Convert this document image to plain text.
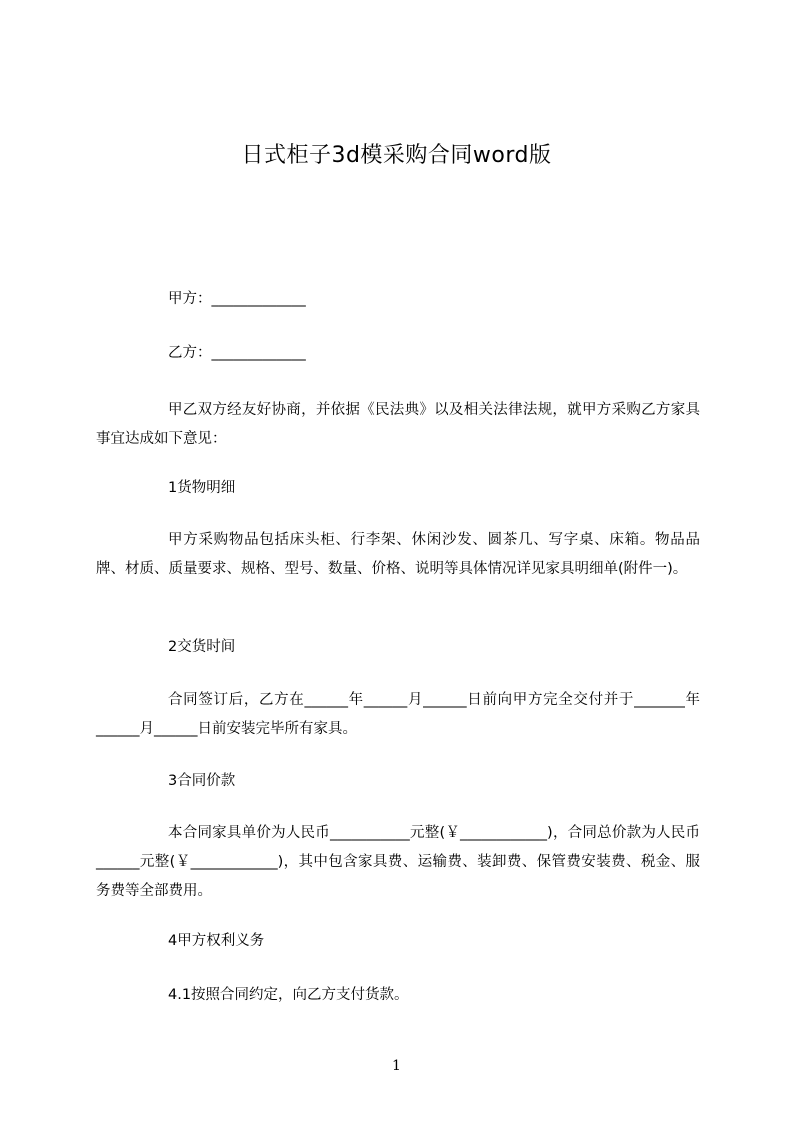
日式柜子3d模采购合同word版
甲方：_____________
乙方：_____________
甲乙双方经友好协商，并依据《民法典》以及相关法律法规，就甲方采购乙方家具事宜达成如下意见：
1货物明细
甲方采购物品包括床头柜、行李架、休闲沙发、圆茶几、写字桌、床箱。物品品牌、材质、质量要求、规格、型号、数量、价格、说明等具体情况详见家具明细单(附件一)。
2交货时间
合同签订后，乙方在______年______月______日前向甲方完全交付并于_______年______月______日前安装完毕所有家具。
3合同价款
本合同家具单价为人民币___________元整(￥____________)，合同总价款为人民币______元整(￥____________)，其中包含家具费、运输费、装卸费、保管费安装费、税金、服务费等全部费用。
4甲方权利义务
4.1按照合同约定，向乙方支付货款。
1
